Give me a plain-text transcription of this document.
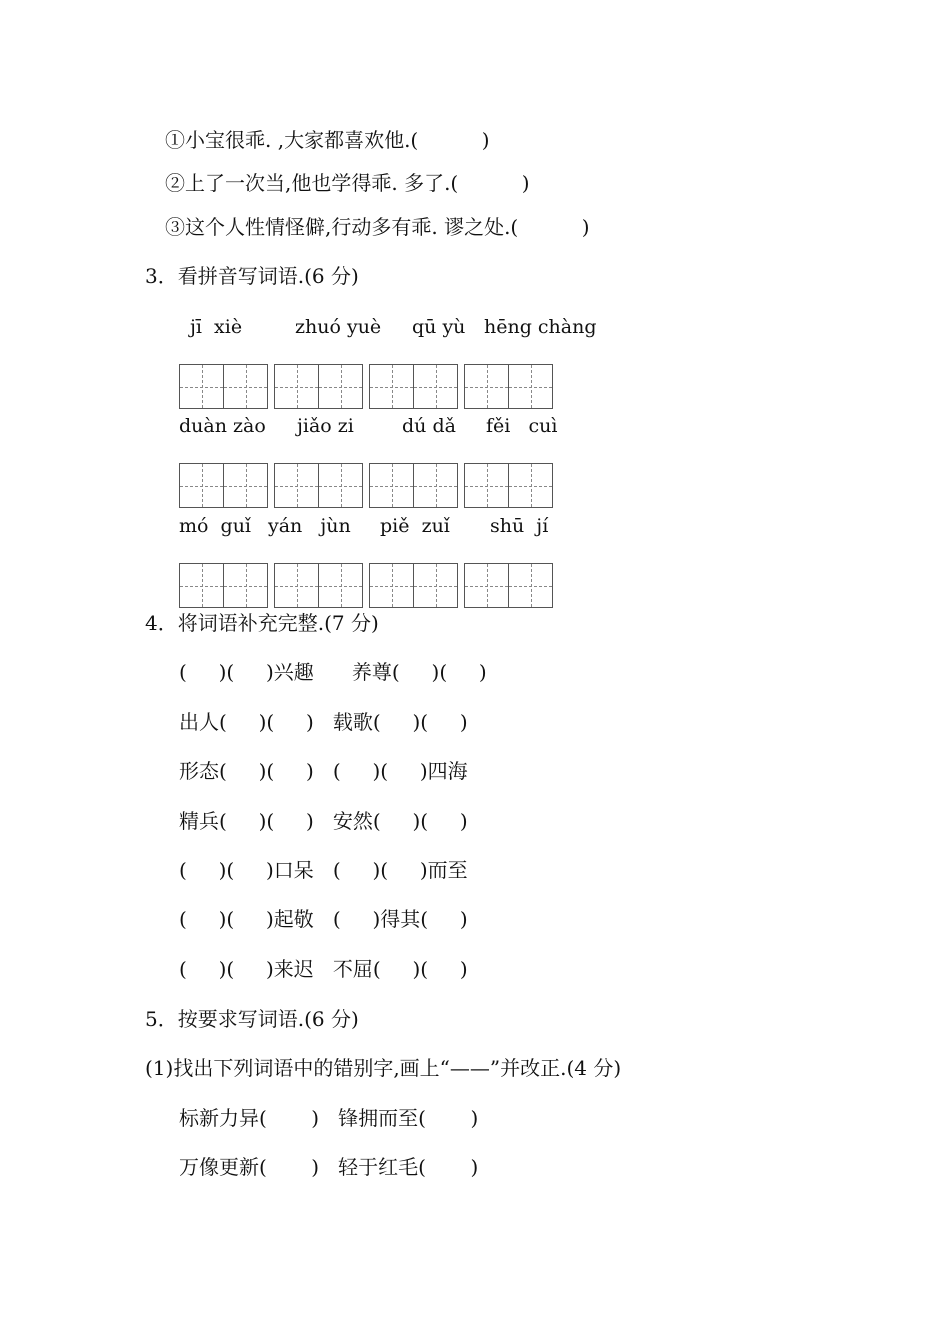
①小宝很乖. ,大家都喜欢他.(          )
②上了一次当,他也学得乖. 多了.(          )
③这个人性情怪僻,行动多有乖. 谬之处.(          )
3．看拼音写词语.(6 分)
jī  xiè	zhuó yuè qū yù hēng chàng
duàn zào jiǎo zi	dú dǎ fěi   cuì
mó  guǐ yán   jùn piě  zuǐ shū  jí
4．将词语补充完整.(7 分)
(     )(     )兴趣      养尊(     )(     )
出人(     )(     )   载歌(     )(     )
形态(     )(     )   (     )(     )四海
精兵(     )(     )   安然(     )(     )
(     )(     )口呆   (     )(     )而至
(     )(     )起敬   (     )得其(     )
(     )(     )来迟   不屈(     )(     )
5．按要求写词语.(6 分)
(1)找出下列词语中的错别字,画上“——”并改正.(4 分)
标新力异(       )   锋拥而至(       )
万像更新(       )   轻于红毛(       )
